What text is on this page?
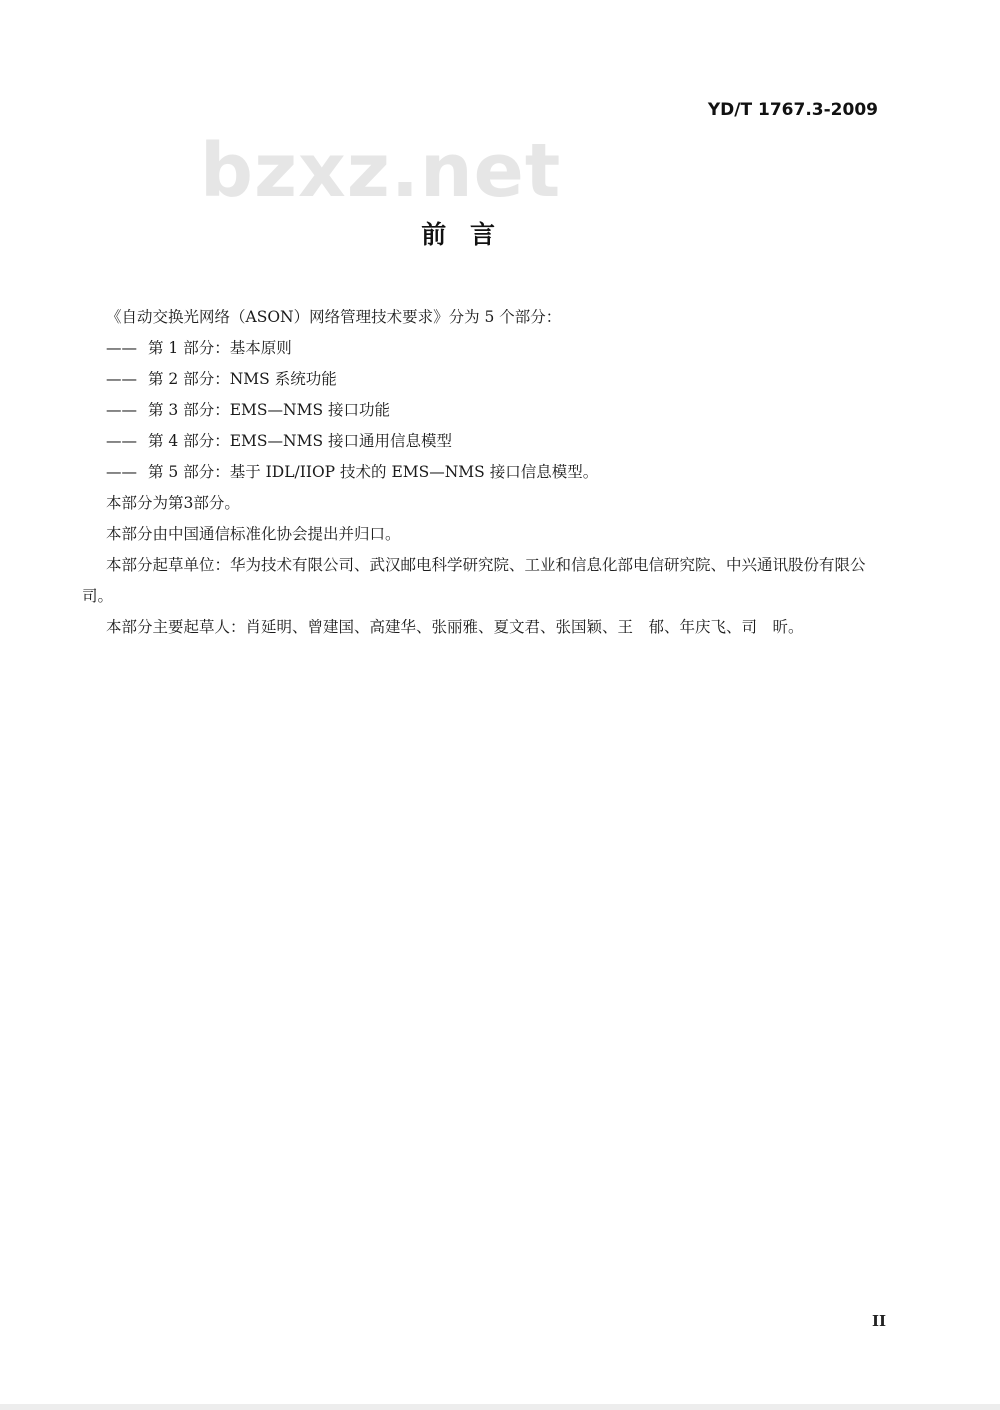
YD/T 1767.3-2009
bzxz.net
前言

《自动交换光网络（ASON）网络管理技术要求》分为 5 个部分：

—— 第 1 部分：基本原则
—— 第 2 部分：NMS 系统功能
—— 第 3 部分：EMS—NMS 接口功能
—— 第 4 部分：EMS—NMS 接口通用信息模型
—— 第 5 部分：基于 IDL/IIOP 技术的 EMS—NMS 接口信息模型。

本部分为第3部分。

本部分由中国通信标准化协会提出并归口。

本部分起草单位：华为技术有限公司、武汉邮电科学研究院、工业和信息化部电信研究院、中兴通讯股份有限公司。

本部分主要起草人：肖延明、曾建国、高建华、张丽雅、夏文君、张国颖、王　郁、年庆飞、司　昕。

II
